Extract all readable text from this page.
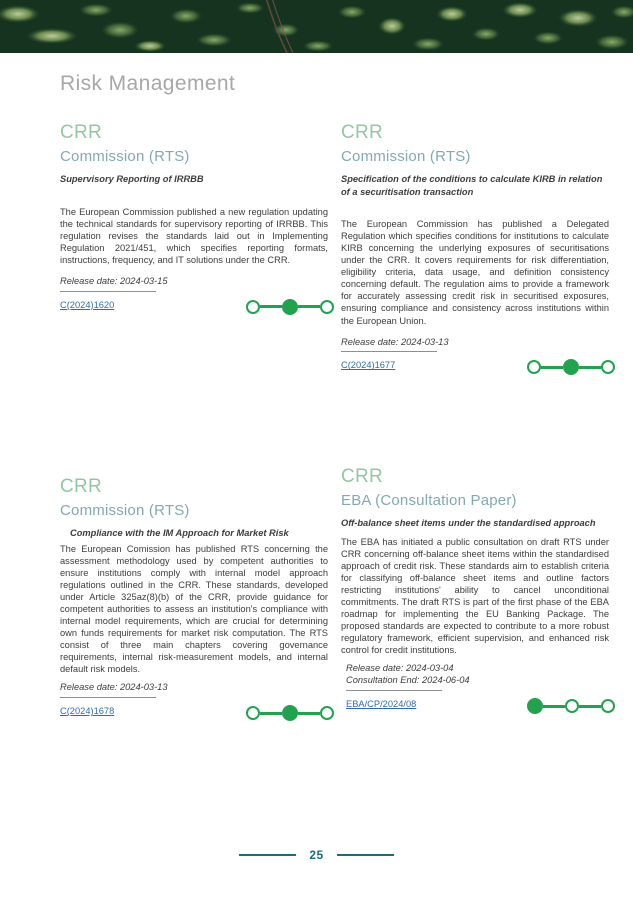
Risk Management
CRR
Commission (RTS)
Supervisory Reporting of IRRBB
The European Commission published a new regulation updating the technical standards for supervisory reporting of IRRBB. This regulation revises the standards laid out in Implementing Regulation 2021/451, which specifies reporting formats, instructions, frequency, and IT solutions under the CRR.
Release date: 2024-03-15
C(2024)1620
CRR
Commission (RTS)
Specification of the conditions to calculate KIRB in relation of a securitisation transaction
The European Commission has published a Delegated Regulation which specifies conditions for institutions to calculate KIRB concerning the underlying exposures of securitisations under the CRR. It covers requirements for risk differentiation, eligibility criteria, data usage, and definition consistency concerning default. The regulation aims to provide a framework for accurately assessing credit risk in securitised exposures, ensuring compliance and consistency across institutions within the European Union.
Release date: 2024-03-13
C(2024)1677
CRR
Commission (RTS)
Compliance with the IM Approach for Market Risk
The European Comission has published RTS concerning the assessment methodology used by competent authorities to ensure institutions comply with internal model approach regulations outlined in the CRR. These standards, developed under Article 325az(8)(b) of the CRR, provide guidance for competent authorities to assess an institution's compliance with internal model requirements, which are crucial for determining own funds requirements for market risk computation. The RTS consist of three main chapters covering governance requirements, internal risk-measurement models, and internal default risk models.
Release date: 2024-03-13
C(2024)1678
CRR
EBA (Consultation Paper)
Off-balance sheet items under the standardised approach
The EBA has initiated a public consultation on draft RTS under CRR concerning off-balance sheet items within the standardised approach of credit risk. These standards aim to establish criteria for classifying off-balance sheet items and outline factors restricting institutions' ability to cancel unconditional commitments. The draft RTS is part of the first phase of the EBA roadmap for implementing the EU Banking Package. The proposed standards are expected to contribute to a more robust regulatory framework, efficient supervision, and enhanced risk control for credit institutions.
Release date: 2024-03-04
Consultation End: 2024-06-04
EBA/CP/2024/08
25
